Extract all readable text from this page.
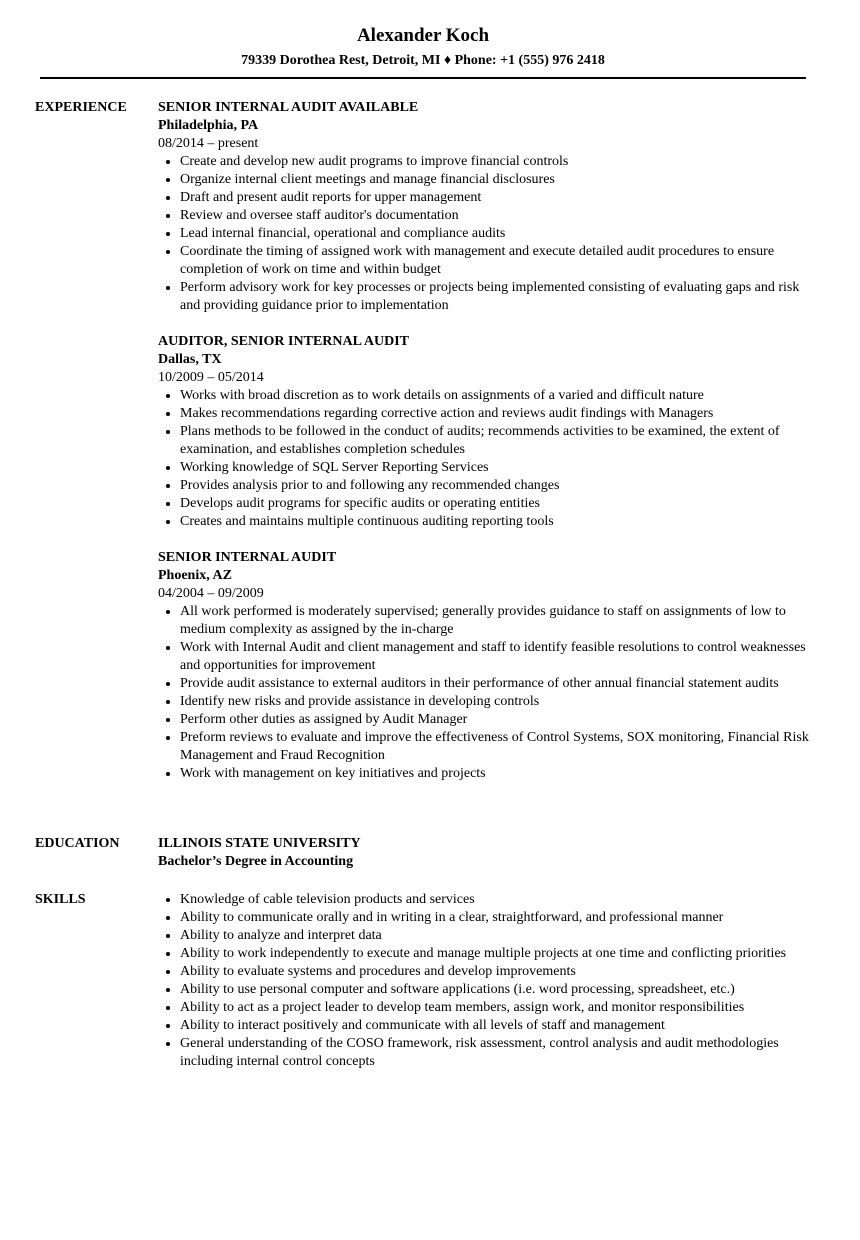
Alexander Koch
79339 Dorothea Rest, Detroit, MI ♦ Phone: +1 (555) 976 2418
EXPERIENCE SENIOR INTERNAL AUDIT AVAILABLE
Philadelphia, PA
08/2014 – present
Create and develop new audit programs to improve financial controls
Organize internal client meetings and manage financial disclosures
Draft and present audit reports for upper management
Review and oversee staff auditor's documentation
Lead internal financial, operational and compliance audits
Coordinate the timing of assigned work with management and execute detailed audit procedures to ensure completion of work on time and within budget
Perform advisory work for key processes or projects being implemented consisting of evaluating gaps and risk and providing guidance prior to implementation
AUDITOR, SENIOR INTERNAL AUDIT
Dallas, TX
10/2009 – 05/2014
Works with broad discretion as to work details on assignments of a varied and difficult nature
Makes recommendations regarding corrective action and reviews audit findings with Managers
Plans methods to be followed in the conduct of audits; recommends activities to be examined, the extent of examination, and establishes completion schedules
Working knowledge of SQL Server Reporting Services
Provides analysis prior to and following any recommended changes
Develops audit programs for specific audits or operating entities
Creates and maintains multiple continuous auditing reporting tools
SENIOR INTERNAL AUDIT
Phoenix, AZ
04/2004 – 09/2009
All work performed is moderately supervised; generally provides guidance to staff on assignments of low to medium complexity as assigned by the in-charge
Work with Internal Audit and client management and staff to identify feasible resolutions to control weaknesses and opportunities for improvement
Provide audit assistance to external auditors in their performance of other annual financial statement audits
Identify new risks and provide assistance in developing controls
Perform other duties as assigned by Audit Manager
Preform reviews to evaluate and improve the effectiveness of Control Systems, SOX monitoring, Financial Risk Management and Fraud Recognition
Work with management on key initiatives and projects
EDUCATION	ILLINOIS STATE UNIVERSITY
Bachelor’s Degree in Accounting
SKILLS	Knowledge of cable television products and services
Ability to communicate orally and in writing in a clear, straightforward, and professional manner
Ability to analyze and interpret data
Ability to work independently to execute and manage multiple projects at one time and conflicting priorities
Ability to evaluate systems and procedures and develop improvements
Ability to use personal computer and software applications (i.e. word processing, spreadsheet, etc.)
Ability to act as a project leader to develop team members, assign work, and monitor responsibilities
Ability to interact positively and communicate with all levels of staff and management
General understanding of the COSO framework, risk assessment, control analysis and audit methodologies including internal control concepts
